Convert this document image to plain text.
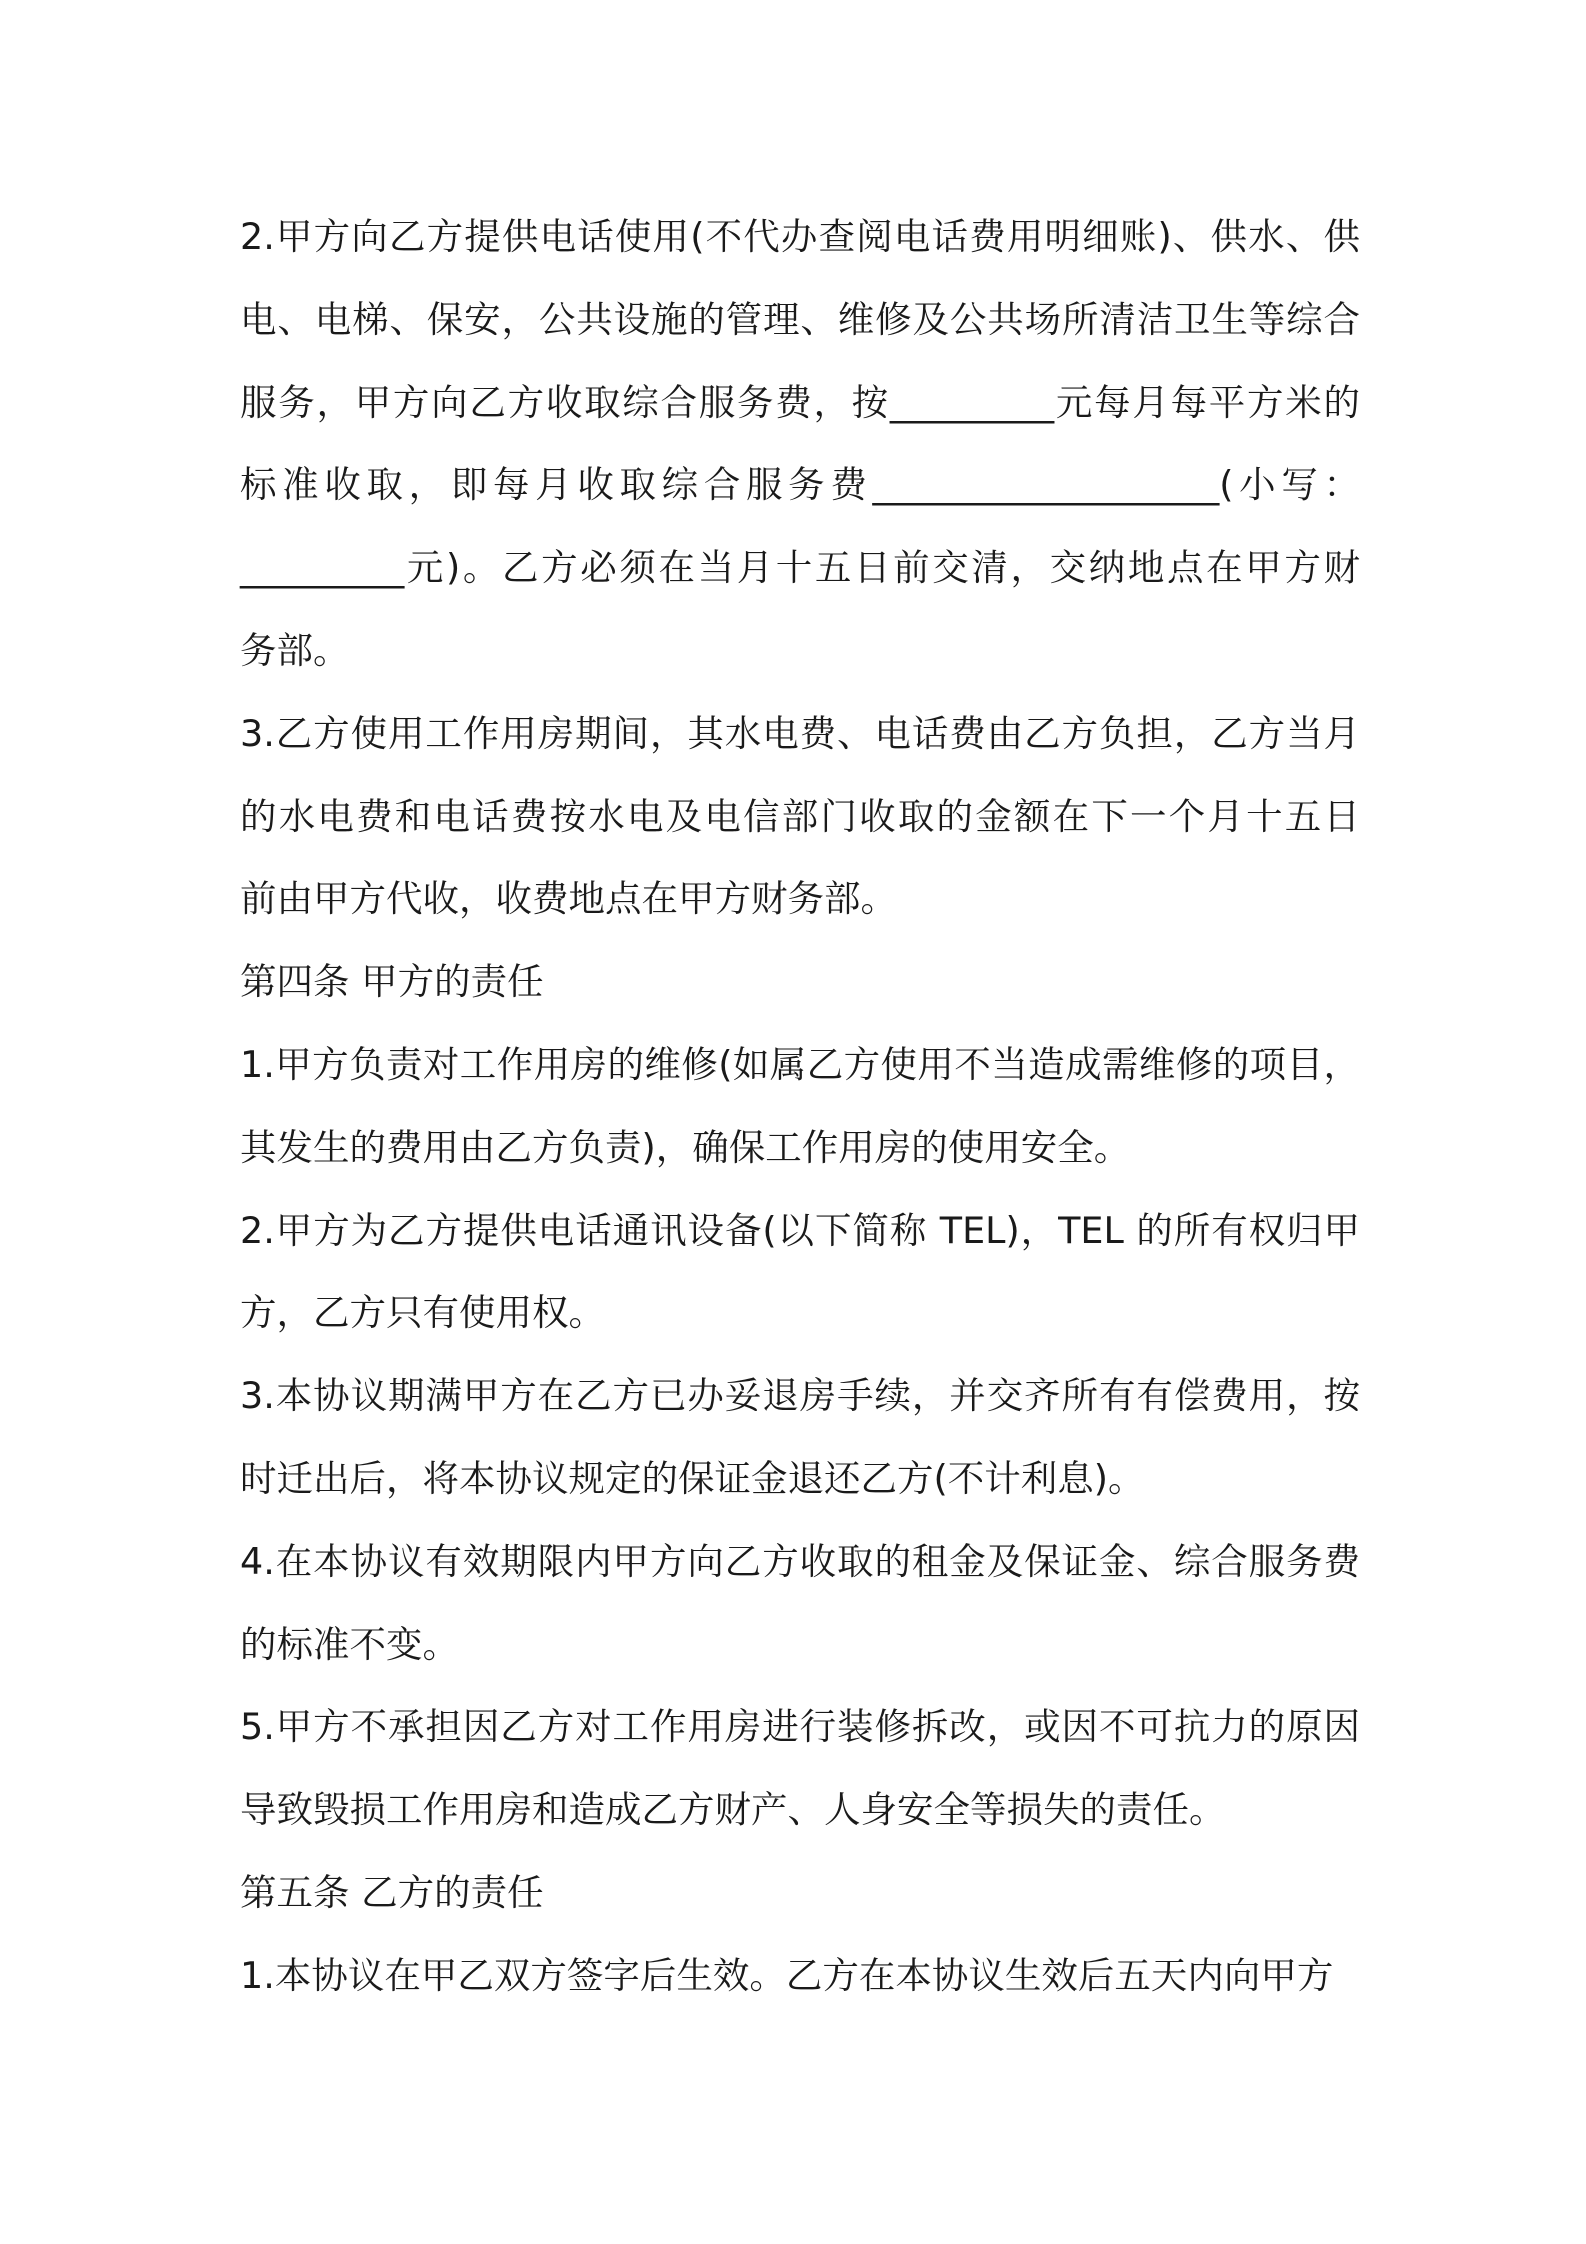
2.甲方向乙方提供电话使用(不代办查阅电话费用明细账)、供水、供
电、电梯、保安，公共设施的管理、维修及公共场所清洁卫生等综合
服务，甲方向乙方收取综合服务费，按_________元每月每平方米的
标准收取，即每月收取综合服务费___________________(小写：
_________元)。乙方必须在当月十五日前交清，交纳地点在甲方财
务部。

3.乙方使用工作用房期间，其水电费、电话费由乙方负担，乙方当月
的水电费和电话费按水电及电信部门收取的金额在下一个月十五日
前由甲方代收，收费地点在甲方财务部。

第四条 甲方的责任

1.甲方负责对工作用房的维修(如属乙方使用不当造成需维修的项目，
其发生的费用由乙方负责)，确保工作用房的使用安全。

2.甲方为乙方提供电话通讯设备(以下简称 TEL)，TEL 的所有权归甲
方，乙方只有使用权。

3.本协议期满甲方在乙方已办妥退房手续，并交齐所有有偿费用，按
时迁出后，将本协议规定的保证金退还乙方(不计利息)。

4.在本协议有效期限内甲方向乙方收取的租金及保证金、综合服务费
的标准不变。

5.甲方不承担因乙方对工作用房进行装修拆改，或因不可抗力的原因
导致毁损工作用房和造成乙方财产、人身安全等损失的责任。

第五条 乙方的责任

1.本协议在甲乙双方签字后生效。乙方在本协议生效后五天内向甲方
